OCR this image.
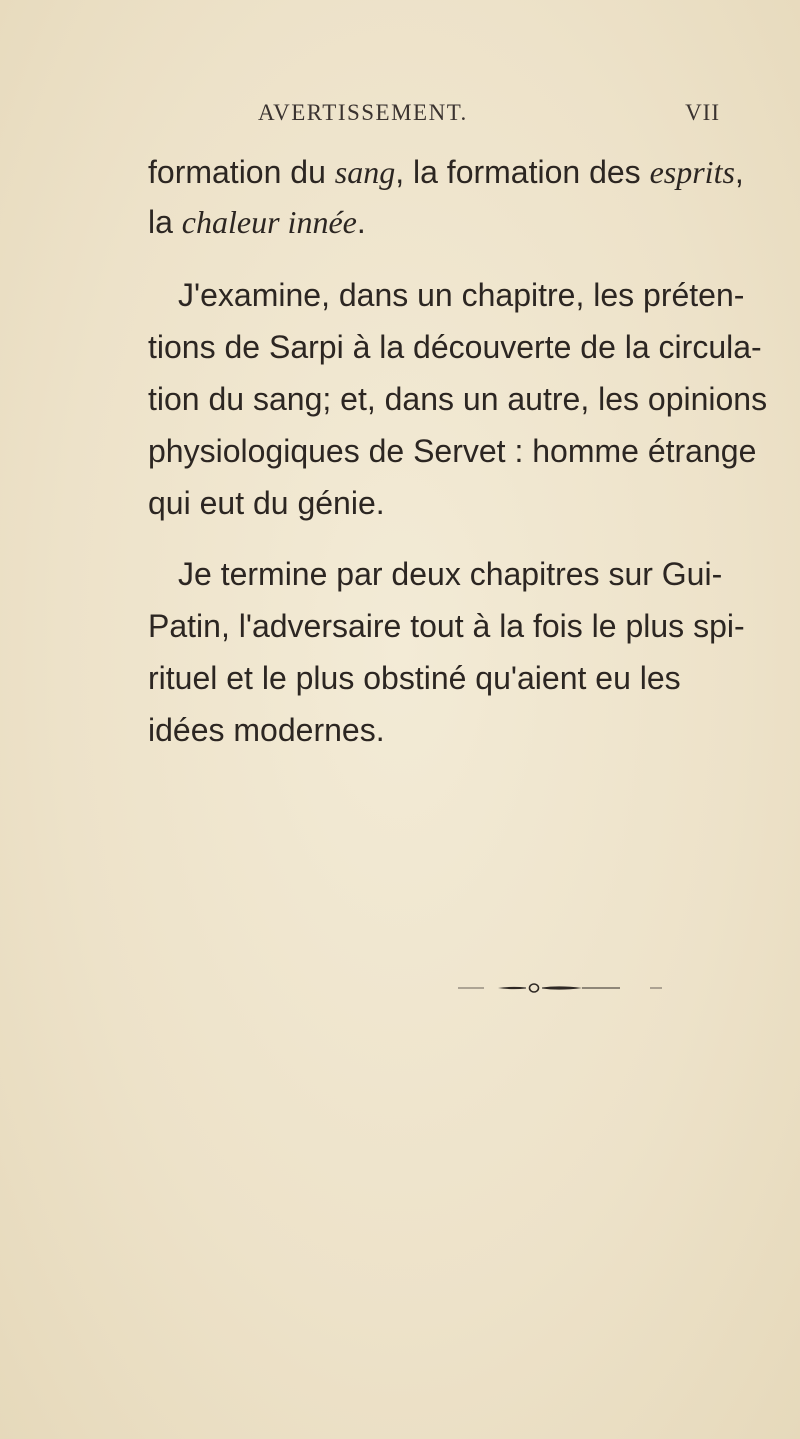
AVERTISSEMENT.	VII
formation du sang, la formation des esprits,
la chaleur innée.
J'examine, dans un chapitre, les préten-
tions de Sarpi à la découverte de la circula-
tion du sang; et, dans un autre, les opinions
physiologiques de Servet : homme étrange
qui eut du génie.
Je termine par deux chapitres sur Gui-
Patin, l'adversaire tout à la fois le plus spi-
rituel et le plus obstiné qu'aient eu les
idées modernes.
